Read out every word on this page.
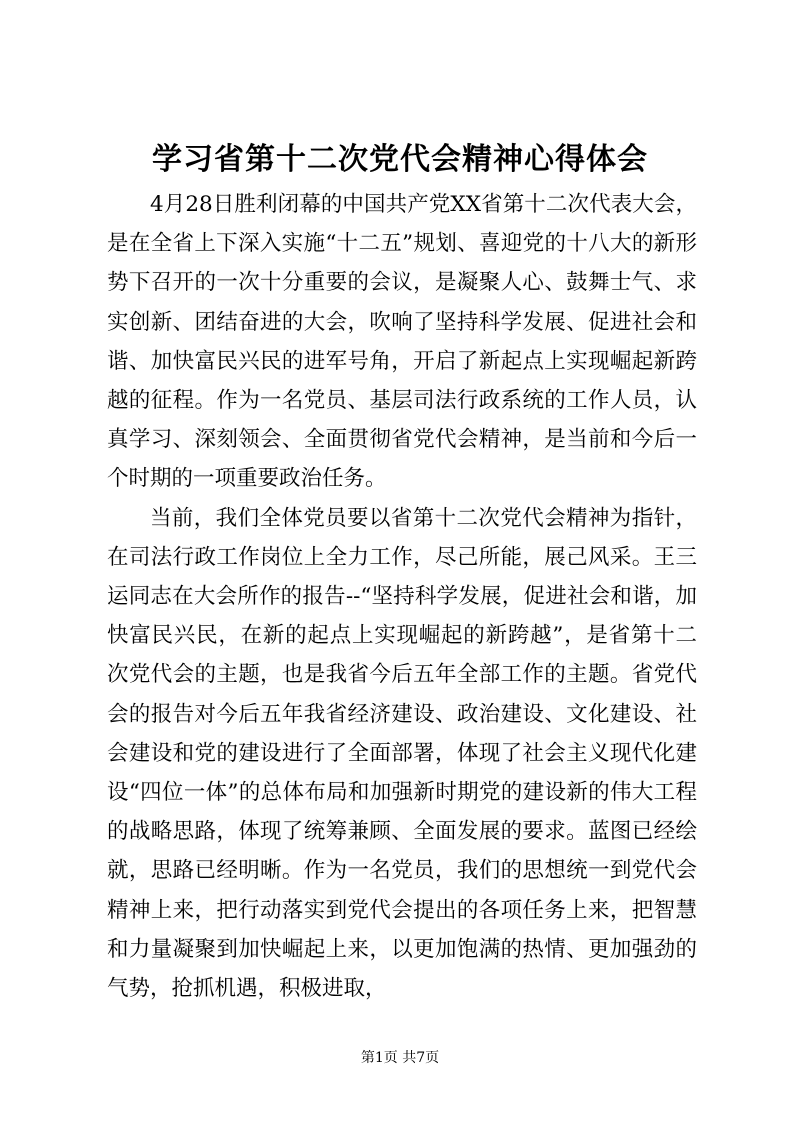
学习省第十二次党代会精神心得体会

4月28日胜利闭幕的中国共产党XX省第十二次代表大会，是在全省上下深入实施“十二五”规划、喜迎党的十八大的新形势下召开的一次十分重要的会议，是凝聚人心、鼓舞士气、求实创新、团结奋进的大会，吹响了坚持科学发展、促进社会和谐、加快富民兴民的进军号角，开启了新起点上实现崛起新跨越的征程。作为一名党员、基层司法行政系统的工作人员，认真学习、深刻领会、全面贯彻省党代会精神，是当前和今后一个时期的一项重要政治任务。

当前，我们全体党员要以省第十二次党代会精神为指针，在司法行政工作岗位上全力工作，尽己所能，展己风采。王三运同志在大会所作的报告--“坚持科学发展，促进社会和谐，加快富民兴民，在新的起点上实现崛起的新跨越”，是省第十二次党代会的主题，也是我省今后五年全部工作的主题。省党代会的报告对今后五年我省经济建设、政治建设、文化建设、社会建设和党的建设进行了全面部署，体现了社会主义现代化建设“四位一体”的总体布局和加强新时期党的建设新的伟大工程的战略思路，体现了统筹兼顾、全面发展的要求。蓝图已经绘就，思路已经明晰。作为一名党员，我们的思想统一到党代会精神上来，把行动落实到党代会提出的各项任务上来，把智慧和力量凝聚到加快崛起上来，以更加饱满的热情、更加强劲的气势，抢抓机遇，积极进取，

第1页 共7页
